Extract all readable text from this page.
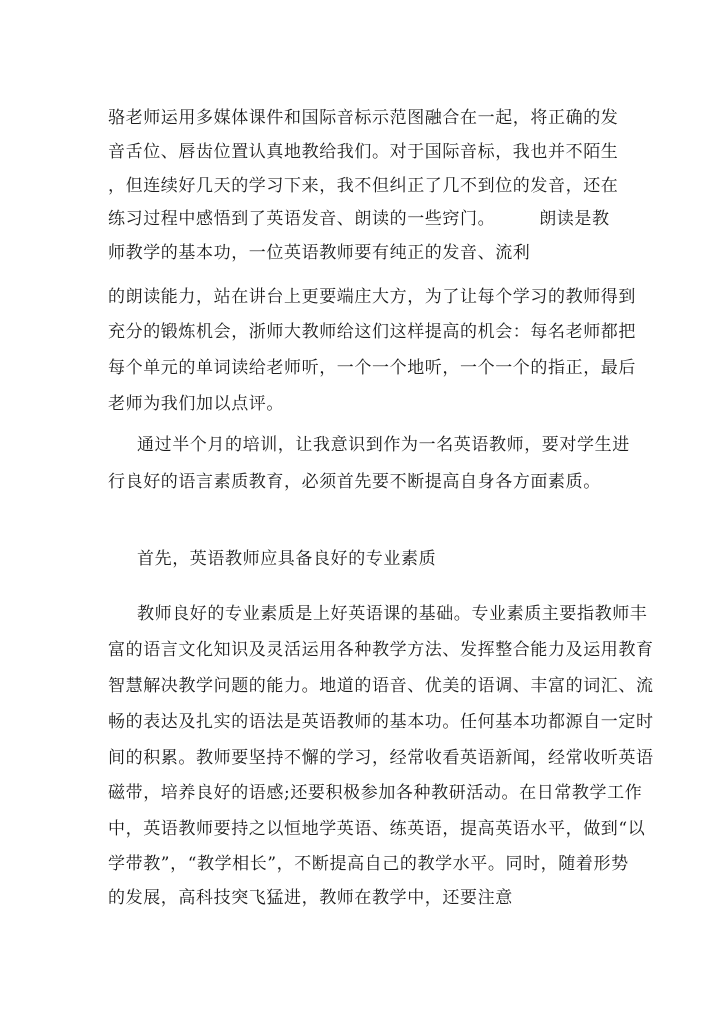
骆老师运用多媒体课件和国际音标示范图融合在一起，将正确的发
音舌位、唇齿位置认真地教给我们。对于国际音标，我也并不陌生
，但连续好几天的学习下来，我不但纠正了几不到位的发音，还在
练习过程中感悟到了英语发音、朗读的一些窍门。	朗读是教
师教学的基本功，一位英语教师要有纯正的发音、流利
的朗读能力，站在讲台上更要端庄大方，为了让每个学习的教师得到
充分的锻炼机会，浙师大教师给这们这样提高的机会：每名老师都把
每个单元的单词读给老师听，一个一个地听，一个一个的指正，最后
老师为我们加以点评。
通过半个月的培训，让我意识到作为一名英语教师，要对学生进
行良好的语言素质教育，必须首先要不断提高自身各方面素质。
首先，英语教师应具备良好的专业素质
教师良好的专业素质是上好英语课的基础。专业素质主要指教师丰
富的语言文化知识及灵活运用各种教学方法、发挥整合能力及运用教育
智慧解决教学问题的能力。地道的语音、优美的语调、丰富的词汇、流
畅的表达及扎实的语法是英语教师的基本功。任何基本功都源自一定时
间的积累。教师要坚持不懈的学习，经常收看英语新闻，经常收听英语
磁带，培养良好的语感;还要积极参加各种教研活动。在日常教学工作
中，英语教师要持之以恒地学英语、练英语，提高英语水平，做到“以
学带教”，“教学相长”，不断提高自己的教学水平。同时，随着形势
的发展，高科技突飞猛进，教师在教学中，还要注意
